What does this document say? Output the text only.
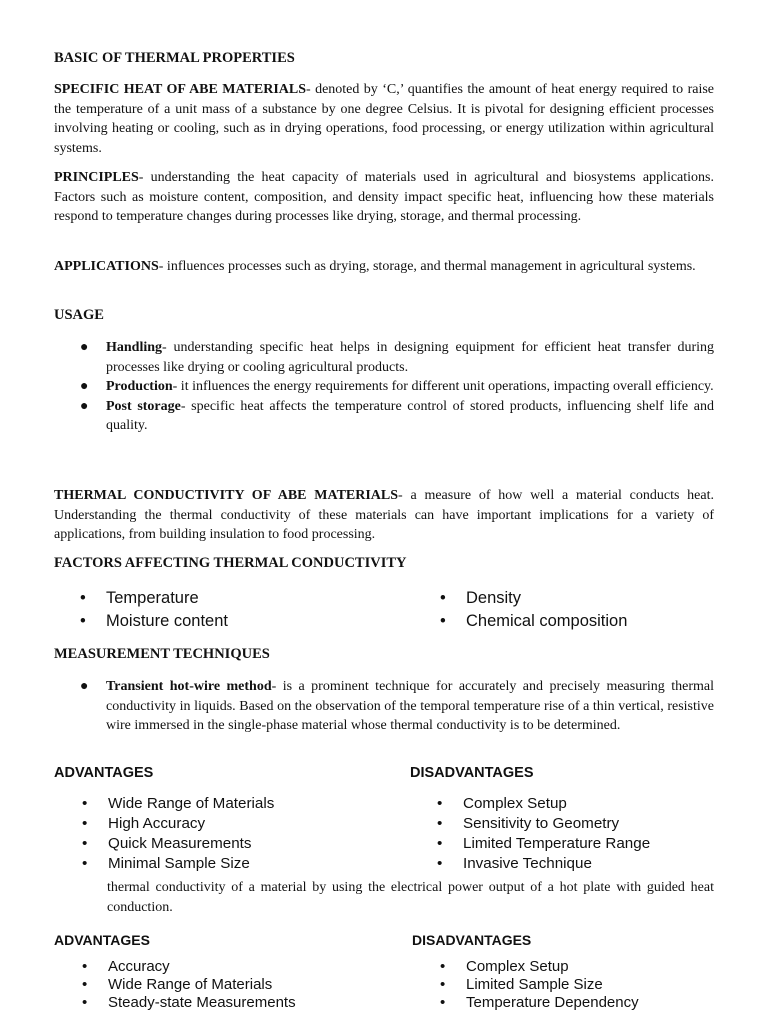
BASIC OF THERMAL PROPERTIES
SPECIFIC HEAT OF ABE MATERIALS- denoted by ‘C,’ quantifies the amount of heat energy required to raise the temperature of a unit mass of a substance by one degree Celsius. It is pivotal for designing efficient processes involving heating or cooling, such as in drying operations, food processing, or energy utilization within agricultural systems.
PRINCIPLES- understanding the heat capacity of materials used in agricultural and biosystems applications. Factors such as moisture content, composition, and density impact specific heat, influencing how these materials respond to temperature changes during processes like drying, storage, and thermal processing.
APPLICATIONS- influences processes such as drying, storage, and thermal management in agricultural systems.
USAGE
● Handling- understanding specific heat helps in designing equipment for efficient heat transfer during processes like drying or cooling agricultural products.
● Production- it influences the energy requirements for different unit operations, impacting overall efficiency.
● Post storage- specific heat affects the temperature control of stored products, influencing shelf life and quality.
THERMAL CONDUCTIVITY OF ABE MATERIALS- a measure of how well a material conducts heat. Understanding the thermal conductivity of these materials can have important implications for a variety of applications, from building insulation to food processing.
FACTORS AFFECTING THERMAL CONDUCTIVITY
• Temperature
• Moisture content
• Density
• Chemical composition
MEASUREMENT TECHNIQUES
● Transient hot-wire method- is a prominent technique for accurately and precisely measuring thermal conductivity in liquids. Based on the observation of the temporal temperature rise of a thin vertical, resistive wire immersed in the single-phase material whose thermal conductivity is to be determined.
ADVANTAGES	DISADVANTAGES
• Wide Range of Materials
• High Accuracy
• Quick Measurements
• Minimal Sample Size
• Complex Setup
• Sensitivity to Geometry
• Limited Temperature Range
• Invasive Technique
thermal conductivity of a material by using the electrical power output of a hot plate with guided heat conduction.
ADVANTAGES	DISADVANTAGES
• Accuracy
• Wide Range of Materials
• Steady-state Measurements
• Complex Setup
• Limited Sample Size
• Temperature Dependency
